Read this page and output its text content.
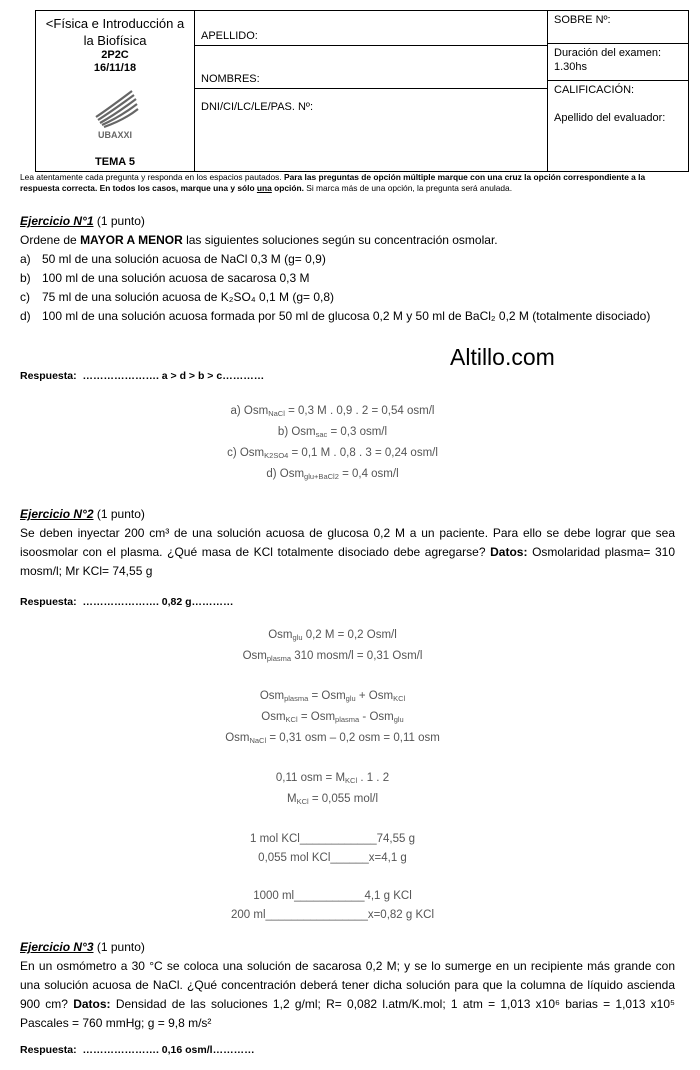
<Física e Introducción a
la Biofísica
2P2C
16/11/18
UBAXXI
TEMA 5
APELLIDO:
NOMBRES:
DNI/CI/LC/LE/PAS. Nº:
SOBRE Nº:
Duración del examen:
1.30hs
CALIFICACIÓN:
Apellido del evaluador:
Lea atentamente cada pregunta y responda en los espacios pautados. Para las preguntas de opción múltiple marque con una cruz la opción correspondiente a la respuesta correcta. En todos los casos, marque una y sólo una opción. Si marca más de una opción, la pregunta será anulada.
Altillo.com

Ejercicio N°1 (1 punto)

Ordene de MAYOR A MENOR las siguientes soluciones según su concentración osmolar.

a) 50 ml de una solución acuosa de NaCl 0,3 M (g= 0,9)
b) 100 ml de una solución acuosa de sacarosa 0,3 M
c)	75 ml de una solución acuosa de K₂SO₄ 0,1 M (g= 0,8)
d) 100 ml de una solución acuosa formada por 50 ml de glucosa 0,2 M y 50 ml de BaCl₂ 0,2 M (totalmente disociado)
Respuesta: …………………. a > d > b > c…………
a) Osm$_{NaCl}$ = 0,3 M . 0,9 . 2 = 0,54 osm/l
b) Osm$_{sac}$ = 0,3 osm/l
c) Osm$_{K2SO4}$ = 0,1 M . 0,8 . 3 = 0,24 osm/l
d) Osm$_{glu+BaCl2}$ = 0,4 osm/l

Ejercicio N°2 (1 punto)

Se deben inyectar 200 cm³ de una solución acuosa de glucosa 0,2 M a un paciente. Para ello se debe lograr que sea isoosmolar con el plasma. ¿Qué masa de KCl totalmente disociado debe agregarse? Datos: Osmolaridad plasma= 310 mosm/l; Mr KCl= 74,55 g

Respuesta: …………………. 0,82 g…………
Osm$_{glu}$ 0,2 M = 0,2 Osm/l
Osm$_{plasma}$ 310 mosm/l = 0,31 Osm/l

Osm$_{plasma}$ = Osm$_{glu}$ + Osm$_{KCl}$
Osm$_{KCl}$ = Osm$_{plasma}$ - Osm$_{glu}$
Osm$_{NaCl}$ = 0,31 osm – 0,2 osm = 0,11 osm

0,11 osm = $M_{KCl}$ . 1 . 2
$M_{KCl} = 0,055$ mol/l

1 mol KCl____________74,55 g
0,055 mol KCl______x=4,1 g

1000 ml___________4,1 g KCl
200 ml________________x=0,82 g KCl

Ejercicio N°3 (1 punto)

En un osmómetro a 30 °C se coloca una solución de sacarosa 0,2 M; y se lo sumerge en un recipiente más grande con una solución acuosa de NaCl. ¿Qué concentración deberá tener dicha solución para que la columna de líquido ascienda 900 cm? Datos: Densidad de las soluciones 1,2 g/ml; R= 0,082 l.atm/K.mol; 1 atm = 1,013 x10⁶ barias = 1,013 x10⁵ Pascales = 760 mmHg; g = 9,8 m/s²

Respuesta: …………………. 0,16 osm/l…………
